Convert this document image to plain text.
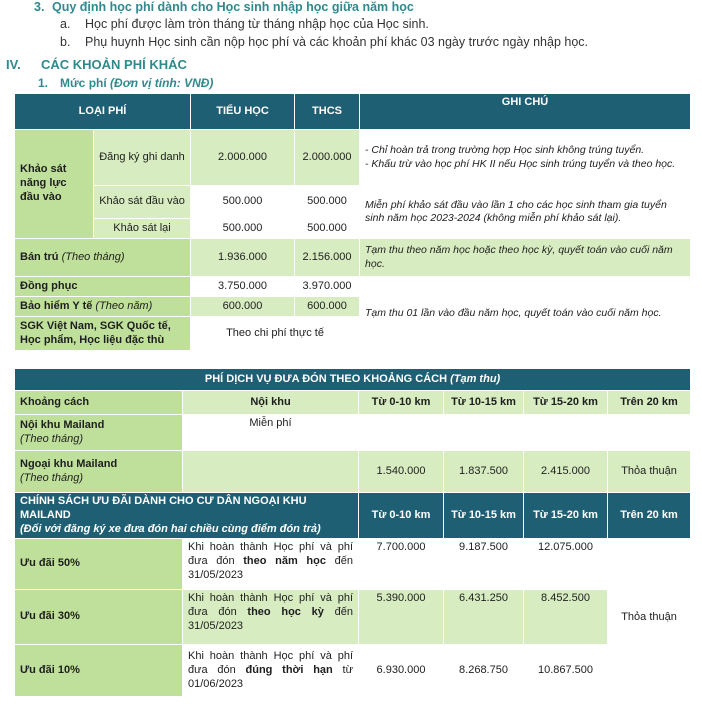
3. Quy định học phí dành cho Học sinh nhập học giữa năm học
a. Học phí được làm tròn tháng từ tháng nhập học của Học sinh.
b. Phụ huynh Học sinh cần nộp học phí và các khoản phí khác 03 ngày trước ngày nhập học.
IV. CÁC KHOẢN PHÍ KHÁC
1. Mức phí (Đơn vị tính: VNĐ)
LOẠI PHÍ		TIỂU HỌC	THCS	GHI CHÚ
Khảo sát năng lực đầu vào	Đăng ký ghi danh	2.000.000	2.000.000	- Chỉ hoàn trả trong trường hợp Học sinh không trúng tuyển.
- Khấu trừ vào học phí HK II nếu Học sinh trúng tuyển và theo học.
	Khảo sát đầu vào	500.000	500.000	Miễn phí khảo sát đầu vào lần 1 cho các học sinh tham gia tuyển sinh năm học 2023-2024 (không miễn phí khảo sát lại).
	Khảo sát lại	500.000	500.000	
Bán trú (Theo tháng)		1.936.000	2.156.000	Tạm thu theo năm học hoặc theo học kỳ, quyết toán vào cuối năm học.
Đồng phục		3.750.000	3.970.000	Tạm thu 01 lần vào đầu năm học, quyết toán vào cuối năm học.
Bảo hiểm Y tế (Theo năm)		600.000	600.000	
SGK Việt Nam, SGK Quốc tế, Học phẩm, Học liệu đặc thù		Theo chi phí thực tế		
PHÍ DỊCH VỤ ĐƯA ĐÓN THEO KHOẢNG CÁCH (Tạm thu)					
Khoảng cách	Nội khu	Từ 0-10 km	Từ 10-15 km	Từ 15-20 km	Trên 20 km

Nội khu Mailand
(Theo tháng)	Miễn phí				

Ngoại khu Mailand
(Theo tháng)		1.540.000	1.837.500	2.415.000	Thỏa thuận

CHÍNH SÁCH ƯU ĐÃI DÀNH CHO CƯ DÂN NGOẠI KHU MAILAND
(Đối với đăng ký xe đưa đón hai chiều cùng điểm đón trả)		Từ 0-10 km	Từ 10-15 km	Từ 15-20 km	Trên 20 km
Ưu đãi 50%	Khi hoàn thành Học phí và phí đưa đón theo năm học đến 31/05/2023	7.700.000	9.187.500	12.075.000	Thỏa thuận
Ưu đãi 30%	Khi hoàn thành Học phí và phí đưa đón theo học kỳ đến 31/05/2023	5.390.000	6.431.250	8.452.500	
Ưu đãi 10%	Khi hoàn thành Học phí và phí đưa đón đúng thời hạn từ 01/06/2023	6.930.000	8.268.750	10.867.500	
